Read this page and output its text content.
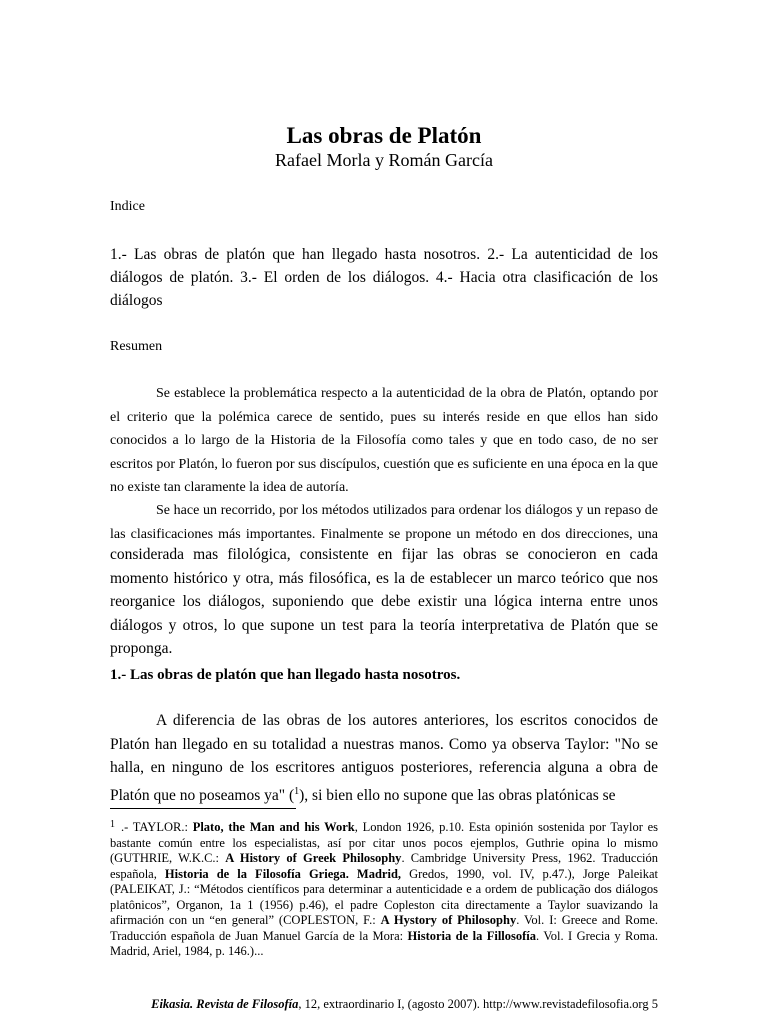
Las obras de Platón
Rafael Morla y Román García
Indice
1.- Las obras de platón que han llegado hasta nosotros. 2.- La autenticidad de los diálogos de platón. 3.- El orden de los diálogos. 4.- Hacia otra clasificación de los diálogos
Resumen

Se establece la problemática respecto a la autenticidad de la obra de Platón, optando por el criterio que la polémica carece de sentido, pues su interés reside en que ellos han sido conocidos a lo largo de la Historia de la Filosofía como tales y que en todo caso, de no ser escritos por Platón, lo fueron por sus discípulos, cuestión que es suficiente en una época en la que no existe tan claramente la idea de autoría.

Se hace un recorrido, por los métodos utilizados para ordenar los diálogos y un repaso de las clasificaciones más importantes. Finalmente se propone un método en dos direcciones, una

considerada mas filológica, consistente en fijar las obras se conocieron en cada momento histórico y otra, más filosófica, es la de establecer un marco teórico que nos reorganice los diálogos, suponiendo que debe existir una lógica interna entre unos diálogos y otros, lo que supone un test para la teoría interpretativa de Platón que se proponga.

1.- Las obras de platón que han llegado hasta nosotros.

A diferencia de las obras de los autores anteriores, los escritos conocidos de Platón han llegado en su totalidad a nuestras manos. Como ya observa Taylor: "No se halla, en ninguno de los escritores antiguos posteriores, referencia alguna a obra de Platón que no poseamos ya" ($^1$), si bien ello no supone que las obras platónicas se

$^1$ .- TAYLOR.: Plato, the Man and his Work, London 1926, p.10. Esta opinión sostenida por Taylor es bastante común entre los especialistas, así por citar unos pocos ejemplos, Guthrie opina lo mismo (GUTHRIE, W.K.C.: A History of Greek Philosophy. Cambridge University Press, 1962. Traducción española, Historia de la Filosofía Griega. Madrid, Gredos, 1990, vol. IV, p.47.), Jorge Paleikat (PALEIKAT, J.: “Métodos científicos para determinar a autenticidade e a ordem de publicação dos diálogos platônicos”, Organon, 1a 1 (1956) p.46), el padre Copleston cita directamente a Taylor suavizando la afirmación con un “en general” (COPLESTON, F.: A Hystory of Philosophy. Vol. I: Greece and Rome. Traducción española de Juan Manuel García de la Mora: Historia de la Fillosofía. Vol. I Grecia y Roma. Madrid, Ariel, 1984, p. 146.)...

Eikasia. Revista de Filosofía, 12, extraordinario I, (agosto 2007). http://www.revistadefilosofia.org 5
